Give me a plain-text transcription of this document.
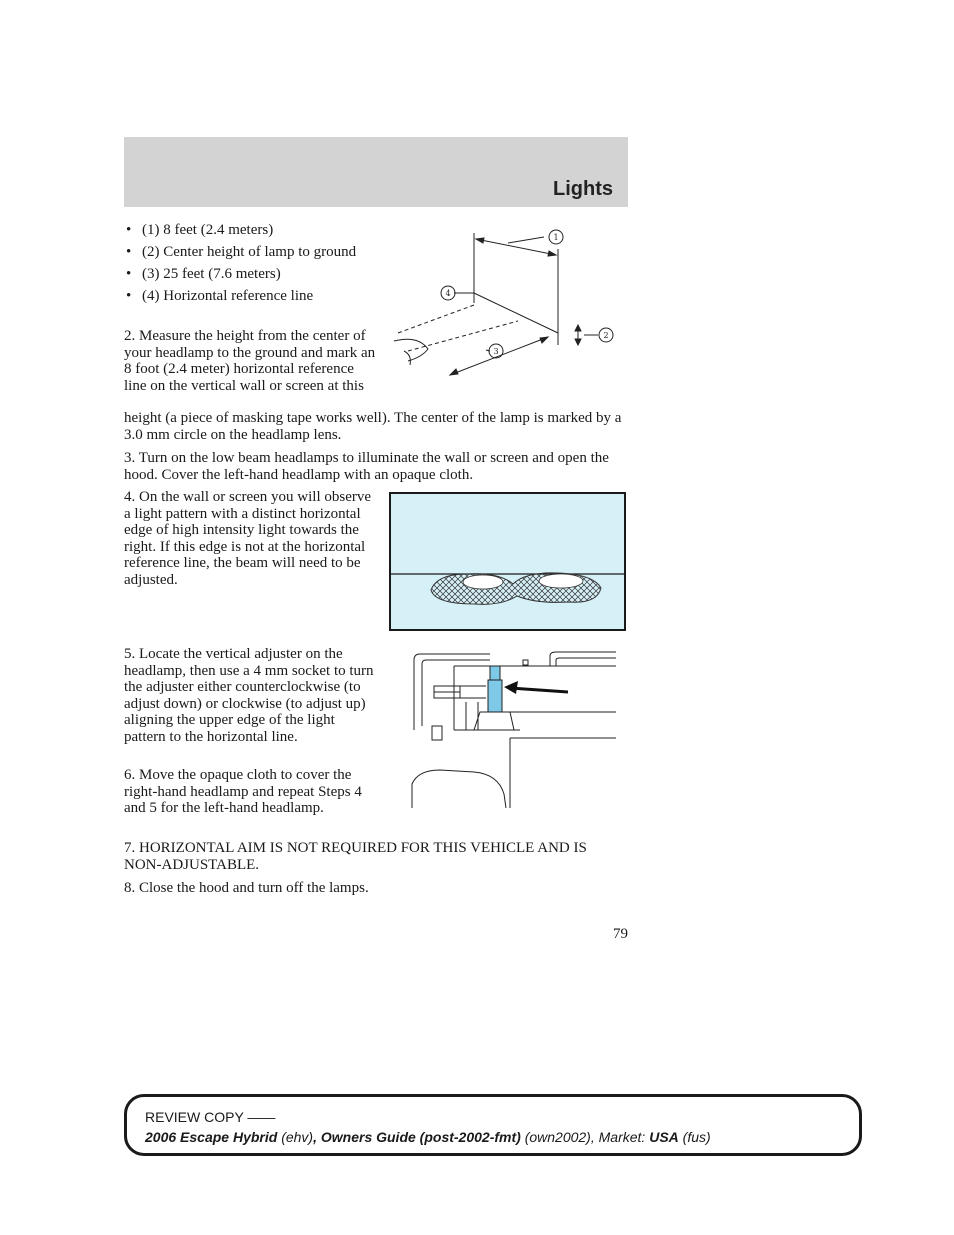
Lights
• (1) 8 feet (2.4 meters)
• (2) Center height of lamp to ground
• (3) 25 feet (7.6 meters)
• (4) Horizontal reference line
1
2
3
4

2. Measure the height from the center of your headlamp to the ground and mark an 8 foot (2.4 meter) horizontal reference line on the vertical wall or screen at this

height (a piece of masking tape works well). The center of the lamp is marked by a 3.0 mm circle on the headlamp lens.

3. Turn on the low beam headlamps to illuminate the wall or screen and open the hood. Cover the left-hand headlamp with an opaque cloth.

4. On the wall or screen you will observe a light pattern with a distinct horizontal edge of high intensity light towards the right. If this edge is not at the horizontal reference line, the beam will need to be adjusted.

5. Locate the vertical adjuster on the headlamp, then use a 4 mm socket to turn the adjuster either counterclockwise (to adjust down) or clockwise (to adjust up) aligning the upper edge of the light pattern to the horizontal line.

6. Move the opaque cloth to cover the right-hand headlamp and repeat Steps 4 and 5 for the left-hand headlamp.

7. HORIZONTAL AIM IS NOT REQUIRED FOR THIS VEHICLE AND IS NON-ADJUSTABLE.

8. Close the hood and turn off the lamps.

79
REVIEW COPY ——
2006 Escape Hybrid (ehv), Owners Guide (post-2002-fmt) (own2002), Market: USA (fus)
